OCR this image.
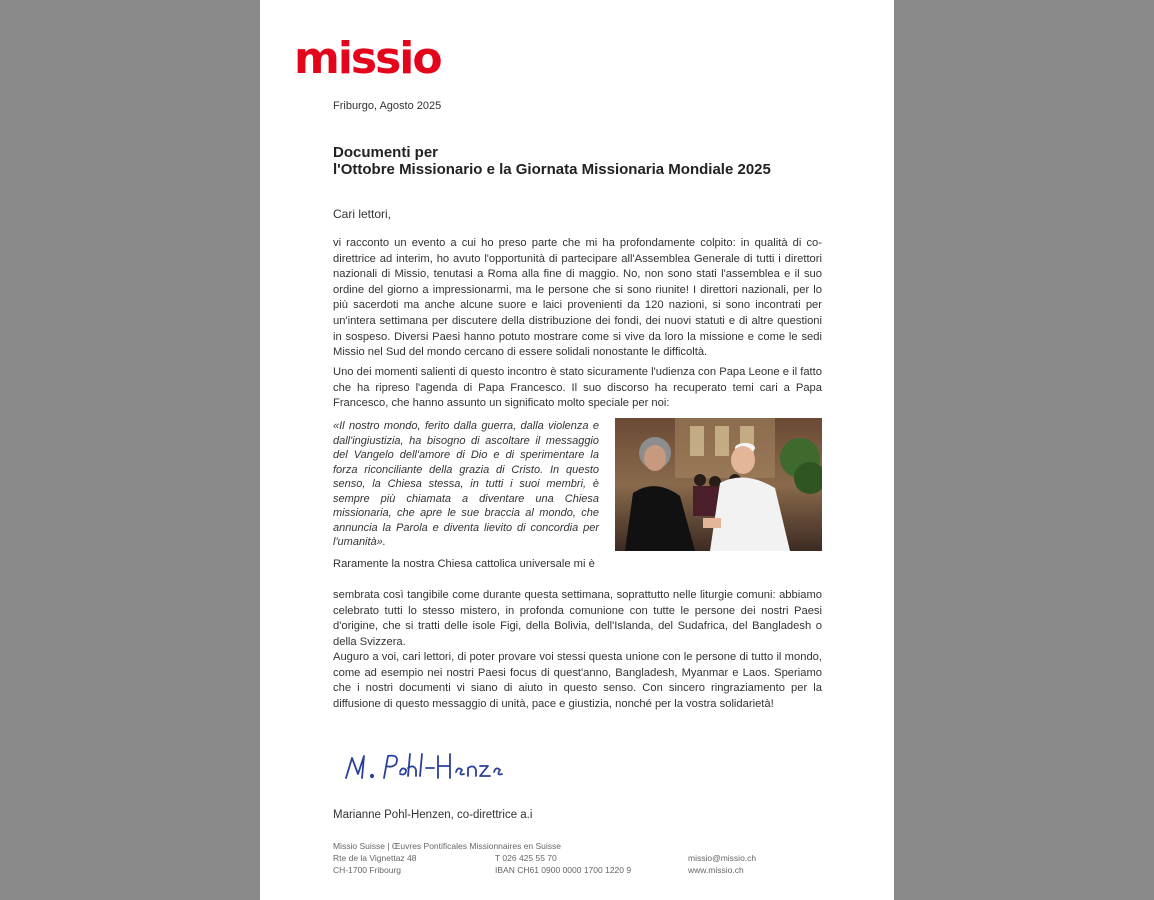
missio
Friburgo, Agosto 2025
Documenti per
l'Ottobre Missionario e la Giornata Missionaria Mondiale 2025
Cari lettori,
vi racconto un evento a cui ho preso parte che mi ha profondamente colpito: in qualità di co-direttrice ad interim, ho avuto l'opportunità di partecipare all'Assemblea Generale di tutti i direttori nazionali di Missio, tenutasi a Roma alla fine di maggio. No, non sono stati l'assemblea e il suo ordine del giorno a impressionarmi, ma le persone che si sono riunite! I direttori nazionali, per lo più sacerdoti ma anche alcune suore e laici provenienti da 120 nazioni, si sono incontrati per un'intera settimana per discutere della distribuzione dei fondi, dei nuovi statuti e di altre questioni in sospeso. Diversi Paesi hanno potuto mostrare come si vive da loro la missione e come le sedi Missio nel Sud del mondo cercano di essere solidali nonostante le difficoltà.
Uno dei momenti salienti di questo incontro è stato sicuramente l'udienza con Papa Leone e il fatto che ha ripreso l'agenda di Papa Francesco. Il suo discorso ha recuperato temi cari a Papa Francesco, che hanno assunto un significato molto speciale per noi:
«Il nostro mondo, ferito dalla guerra, dalla violenza e dall'ingiustizia, ha bisogno di ascoltare il messaggio del Vangelo dell'amore di Dio e di sperimentare la forza riconciliante della grazia di Cristo. In questo senso, la Chiesa stessa, in tutti i suoi membri, è sempre più chiamata a diventare una Chiesa missionaria, che apre le sue braccia al mondo, che annuncia la Parola e diventa lievito di concordia per l'umanità».
Raramente la nostra Chiesa cattolica universale mi è
sembrata così tangibile come durante questa settimana, soprattutto nelle liturgie comuni: abbiamo celebrato tutti lo stesso mistero, in profonda comunione con tutte le persone dei nostri Paesi d'origine, che si tratti delle isole Figi, della Bolivia, dell'Islanda, del Sudafrica, del Bangladesh o della Svizzera.
Auguro a voi, cari lettori, di poter provare voi stessi questa unione con le persone di tutto il mondo, come ad esempio nei nostri Paesi focus di quest'anno, Bangladesh, Myanmar e Laos. Speriamo che i nostri documenti vi siano di aiuto in questo senso. Con sincero ringraziamento per la diffusione di questo messaggio di unità, pace e giustizia, nonché per la vostra solidarietà!
Marianne Pohl-Henzen, co-direttrice a.i
Missio Suisse | Œuvres Pontificales Missionnaires en Suisse
Rte de la Vignettaz 48
CH-1700 Fribourg
T 026 425 55 70
IBAN CH61 0900 0000 1700 1220 9
missio@missio.ch
www.missio.ch
